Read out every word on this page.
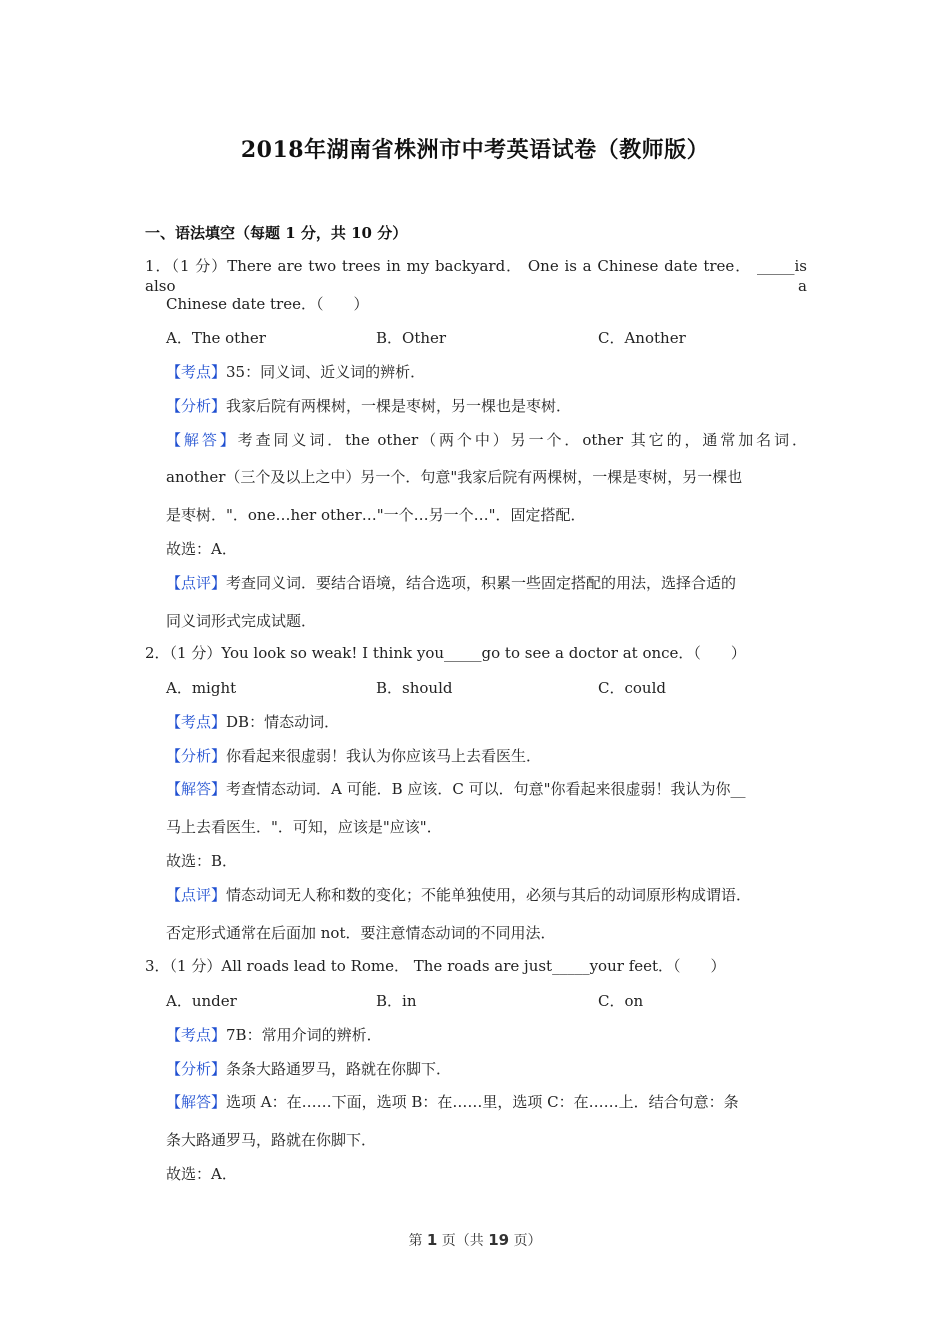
2018年湖南省株洲市中考英语试卷（教师版）
一、语法填空（每题 1 分，共 10 分）
1．（1 分）There are two trees in my backyard． One is a Chinese date tree． _____is also a
Chinese date tree．（　　）
A．The other	B．Other	C．Another
【考点】35：同义词、近义词的辨析．
【分析】我家后院有两棵树，一棵是枣树，另一棵也是枣树．
【解答】考查同义词．the other（两个中）另一个．other 其它的，通常加名词．
another（三个及以上之中）另一个．句意"我家后院有两棵树，一棵是枣树，另一棵也
是枣树．"．one…her other…"一个…另一个…"．固定搭配．
故选：A．
【点评】考查同义词．要结合语境，结合选项，积累一些固定搭配的用法，选择合适的
同义词形式完成试题．
2．（1 分）You look so weak! I think you_____go to see a doctor at once．（　　）
A．might	B．should	C．could
【考点】DB：情态动词．
【分析】你看起来很虚弱！我认为你应该马上去看医生．
【解答】考查情态动词．A 可能．B 应该．C 可以．句意"你看起来很虚弱！我认为你__
马上去看医生．"．可知，应该是"应该"．
故选：B．
【点评】情态动词无人称和数的变化；不能单独使用，必须与其后的动词原形构成谓语．
否定形式通常在后面加 not．要注意情态动词的不同用法．
3．（1 分）All roads lead to Rome． The roads are just_____your feet．（　　）
A．under	B．in	C．on
【考点】7B：常用介词的辨析．
【分析】条条大路通罗马，路就在你脚下．
【解答】选项 A：在……下面，选项 B：在……里，选项 C：在……上．结合句意：条
条大路通罗马，路就在你脚下．
故选：A．
第 1 页（共 19 页）
